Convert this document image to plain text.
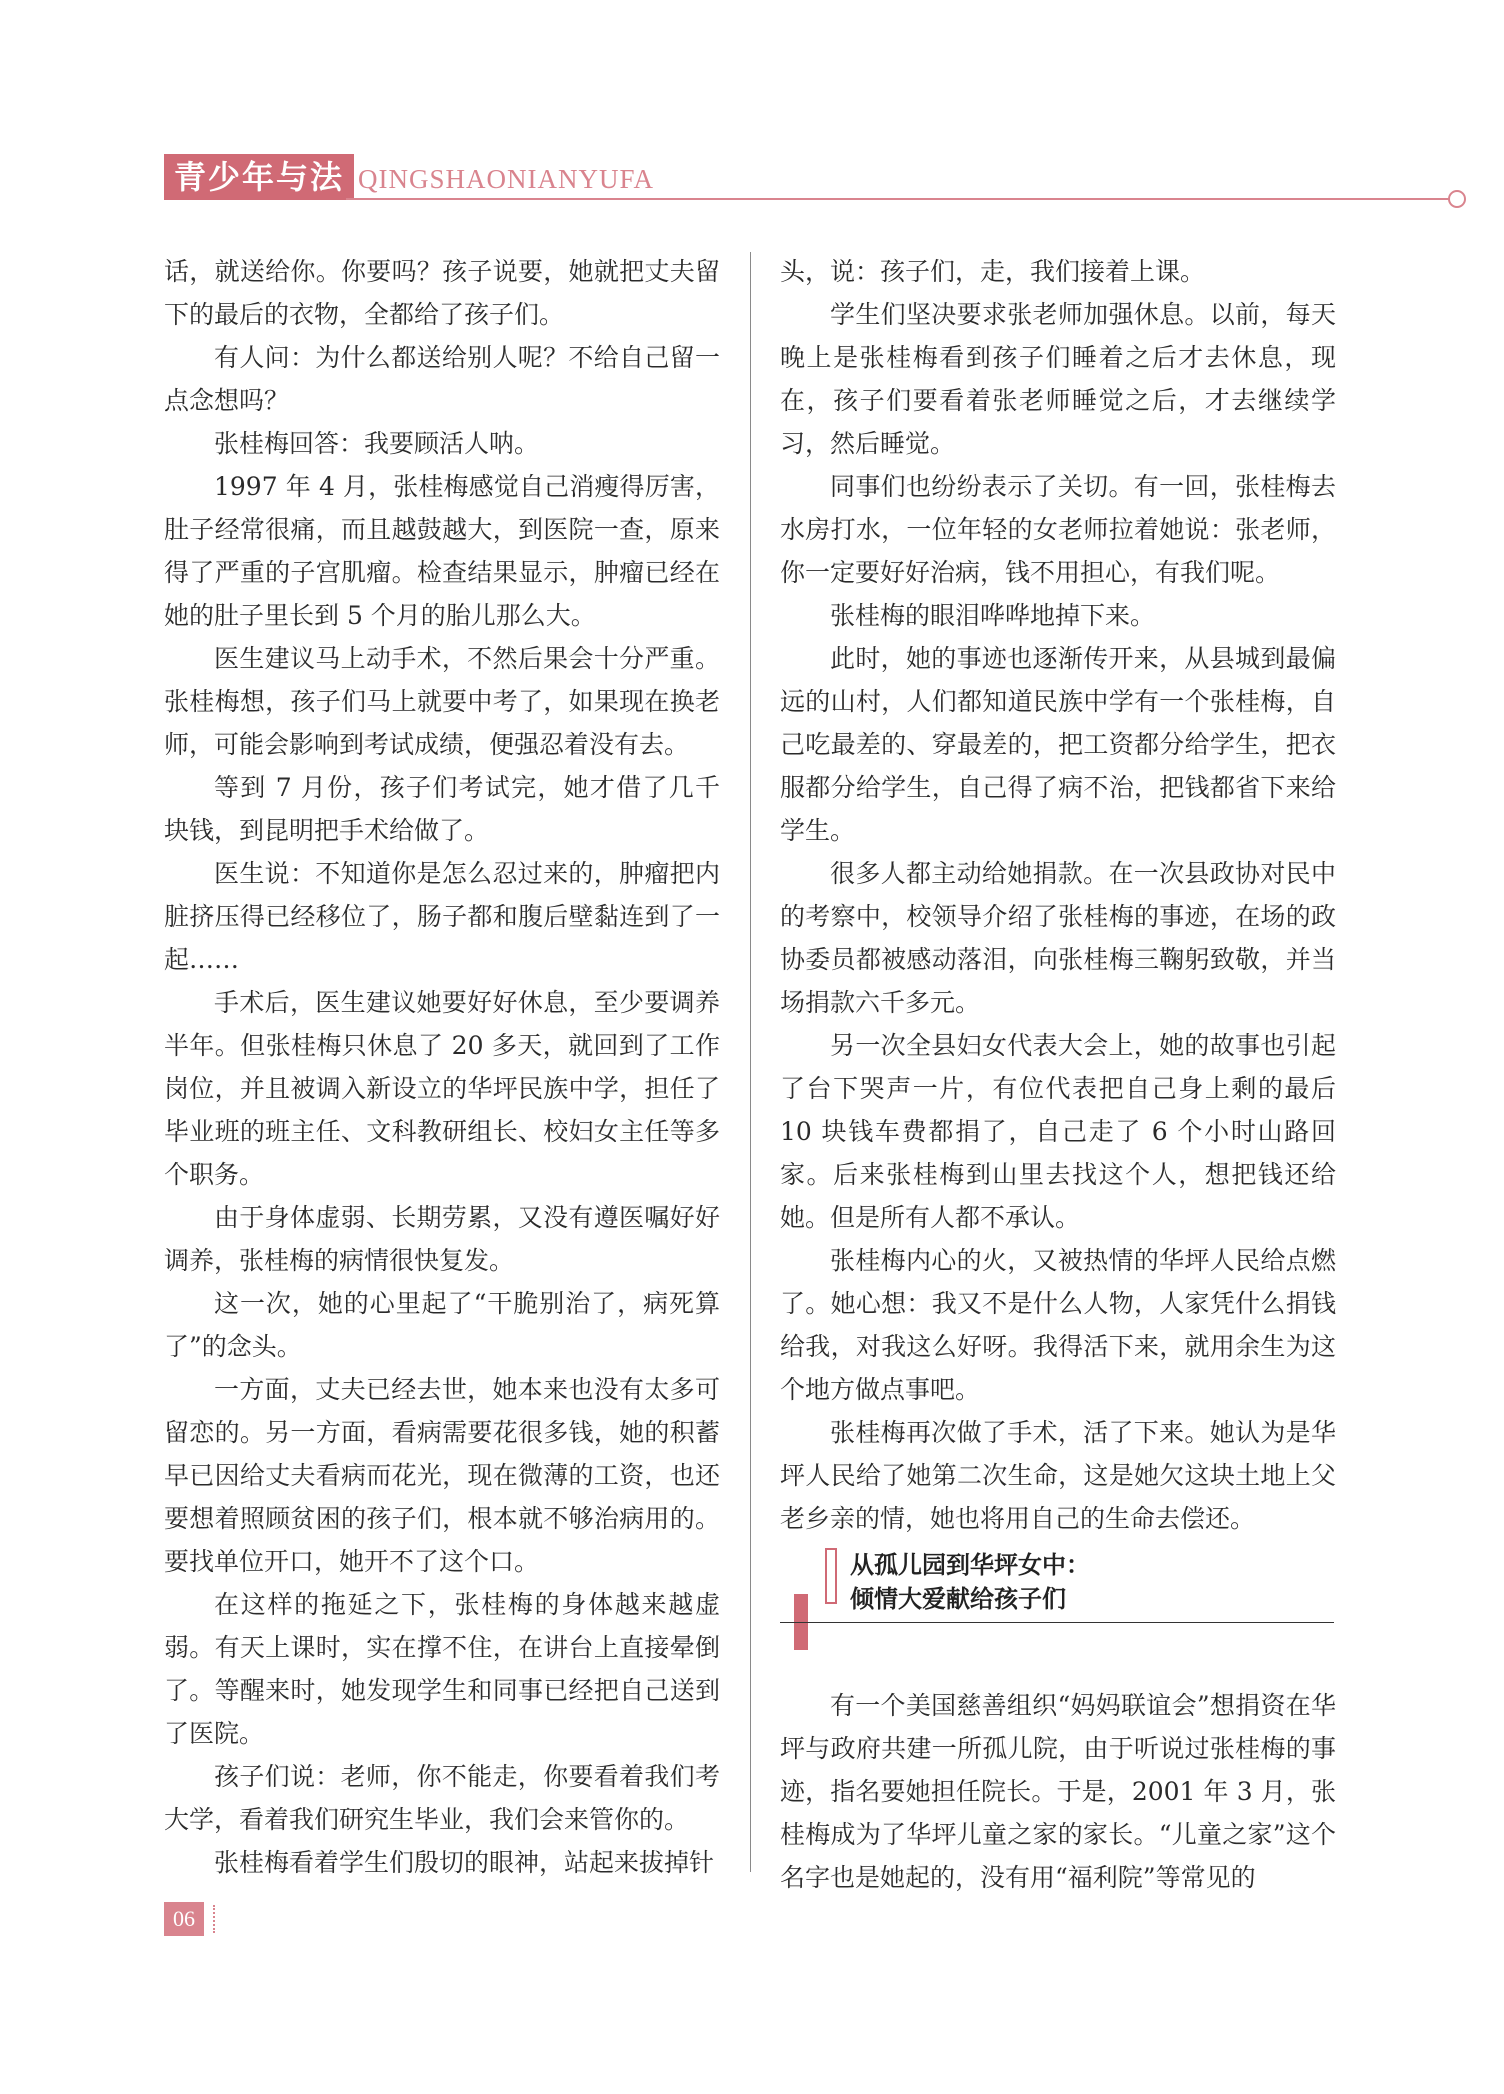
青少年与法 QINGSHAONIANYUFA

话，就送给你。你要吗？孩子说要，她就把丈夫留下的最后的衣物，全都给了孩子们。

有人问：为什么都送给别人呢？不给自己留一点念想吗？

张桂梅回答：我要顾活人呐。

1997 年 4 月，张桂梅感觉自己消瘦得厉害，肚子经常很痛，而且越鼓越大，到医院一查，原来得了严重的子宫肌瘤。检查结果显示，肿瘤已经在她的肚子里长到 5 个月的胎儿那么大。

医生建议马上动手术，不然后果会十分严重。张桂梅想，孩子们马上就要中考了，如果现在换老师，可能会影响到考试成绩，便强忍着没有去。

等到 7 月份，孩子们考试完，她才借了几千块钱，到昆明把手术给做了。

医生说：不知道你是怎么忍过来的，肿瘤把内脏挤压得已经移位了，肠子都和腹后壁黏连到了一起……

手术后，医生建议她要好好休息，至少要调养半年。但张桂梅只休息了 20 多天，就回到了工作岗位，并且被调入新设立的华坪民族中学，担任了毕业班的班主任、文科教研组长、校妇女主任等多个职务。

由于身体虚弱、长期劳累，又没有遵医嘱好好调养，张桂梅的病情很快复发。

这一次，她的心里起了“干脆别治了，病死算了”的念头。

一方面，丈夫已经去世，她本来也没有太多可留恋的。另一方面，看病需要花很多钱，她的积蓄早已因给丈夫看病而花光，现在微薄的工资，也还要想着照顾贫困的孩子们，根本就不够治病用的。要找单位开口，她开不了这个口。

在这样的拖延之下，张桂梅的身体越来越虚弱。有天上课时，实在撑不住，在讲台上直接晕倒了。等醒来时，她发现学生和同事已经把自己送到了医院。

孩子们说：老师，你不能走，你要看着我们考大学，看着我们研究生毕业，我们会来管你的。

张桂梅看着学生们殷切的眼神，站起来拔掉针

头，说：孩子们，走，我们接着上课。

学生们坚决要求张老师加强休息。以前，每天晚上是张桂梅看到孩子们睡着之后才去休息，现在，孩子们要看着张老师睡觉之后，才去继续学习，然后睡觉。

同事们也纷纷表示了关切。有一回，张桂梅去水房打水，一位年轻的女老师拉着她说：张老师，你一定要好好治病，钱不用担心，有我们呢。

张桂梅的眼泪哗哗地掉下来。

此时，她的事迹也逐渐传开来，从县城到最偏远的山村，人们都知道民族中学有一个张桂梅，自己吃最差的、穿最差的，把工资都分给学生，把衣服都分给学生，自己得了病不治，把钱都省下来给学生。

很多人都主动给她捐款。在一次县政协对民中的考察中，校领导介绍了张桂梅的事迹，在场的政协委员都被感动落泪，向张桂梅三鞠躬致敬，并当场捐款六千多元。

另一次全县妇女代表大会上，她的故事也引起了台下哭声一片，有位代表把自己身上剩的最后 10 块钱车费都捐了，自己走了 6 个小时山路回家。后来张桂梅到山里去找这个人，想把钱还给她。但是所有人都不承认。

张桂梅内心的火，又被热情的华坪人民给点燃了。她心想：我又不是什么人物，人家凭什么捐钱给我，对我这么好呀。我得活下来，就用余生为这个地方做点事吧。

张桂梅再次做了手术，活了下来。她认为是华坪人民给了她第二次生命，这是她欠这块土地上父老乡亲的情，她也将用自己的生命去偿还。

从孤儿园到华坪女中：
倾情大爱献给孩子们

有一个美国慈善组织“妈妈联谊会”想捐资在华坪与政府共建一所孤儿院，由于听说过张桂梅的事迹，指名要她担任院长。于是，2001 年 3 月，张桂梅成为了华坪儿童之家的家长。“儿童之家”这个名字也是她起的，没有用“福利院”等常见的

06
